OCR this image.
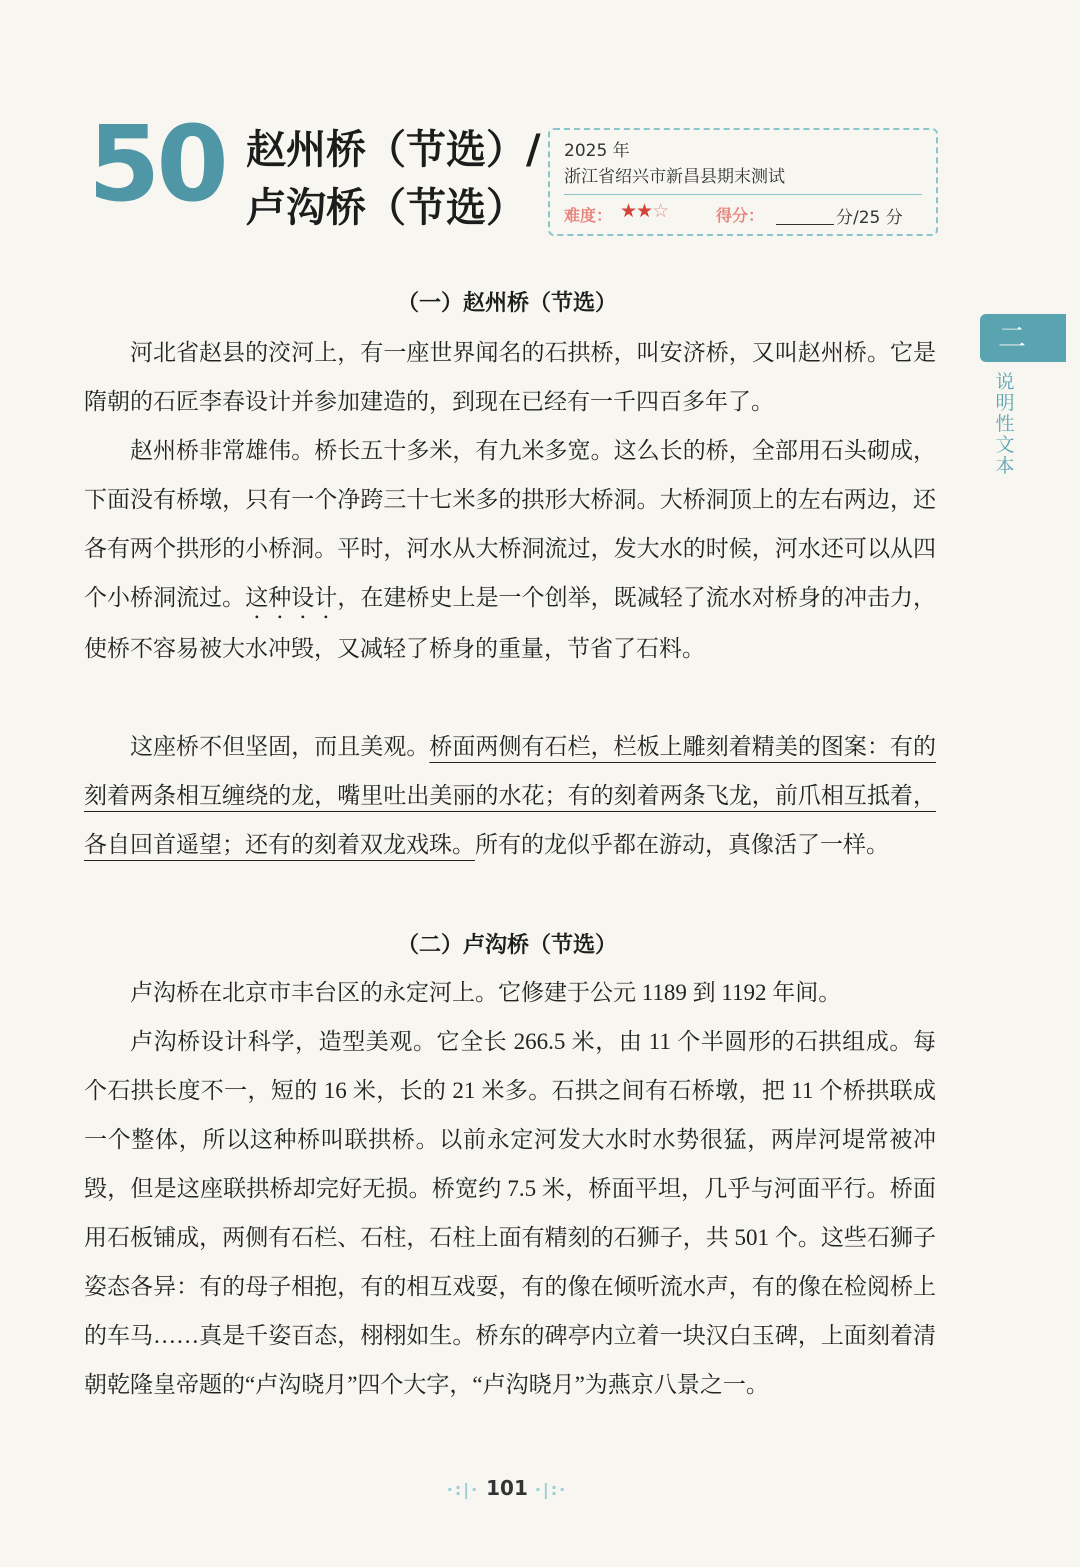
50 赵州桥（节选）/
卢沟桥（节选）
2025 年
浙江省绍兴市新昌县期末测试
难度： ★★☆	得分：	分/25 分
二
说明性文本
（一）赵州桥（节选）

河北省赵县的洨河上，有一座世界闻名的石拱桥，叫安济桥，又叫赵州桥。它是隋朝的石匠李春设计并参加建造的，到现在已经有一千四百多年了。

赵州桥非常雄伟。桥长五十多米，有九米多宽。这么长的桥，全部用石头砌成，下面没有桥墩，只有一个净跨三十七米多的拱形大桥洞。大桥洞顶上的左右两边，还各有两个拱形的小桥洞。平时，河水从大桥洞流过，发大水的时候，河水还可以从四个小桥洞流过。这种设计，在建桥史上是一个创举，既减轻了流水对桥身的冲击力，使桥不容易被大水冲毁，又减轻了桥身的重量，节省了石料。

这座桥不但坚固，而且美观。桥面两侧有石栏，栏板上雕刻着精美的图案：有的刻着两条相互缠绕的龙，嘴里吐出美丽的水花；有的刻着两条飞龙，前爪相互抵着，各自回首遥望；还有的刻着双龙戏珠。所有的龙似乎都在游动，真像活了一样。

（二）卢沟桥（节选）

卢沟桥在北京市丰台区的永定河上。它修建于公元 1189 到 1192 年间。

卢沟桥设计科学，造型美观。它全长 266.5 米，由 11 个半圆形的石拱组成。每个石拱长度不一，短的 16 米，长的 21 米多。石拱之间有石桥墩，把 11 个桥拱联成一个整体，所以这种桥叫联拱桥。以前永定河发大水时水势很猛，两岸河堤常被冲毁，但是这座联拱桥却完好无损。桥宽约 7.5 米，桥面平坦，几乎与河面平行。桥面用石板铺成，两侧有石栏、石柱，石柱上面有精刻的石狮子，共 501 个。这些石狮子姿态各异：有的母子相抱，有的相互戏耍，有的像在倾听流水声，有的像在检阅桥上的车马……真是千姿百态，栩栩如生。桥东的碑亭内立着一块汉白玉碑，上面刻着清朝乾隆皇帝题的“卢沟晓月”四个大字，“卢沟晓月”为燕京八景之一。

·:|· 101 ·|:·
